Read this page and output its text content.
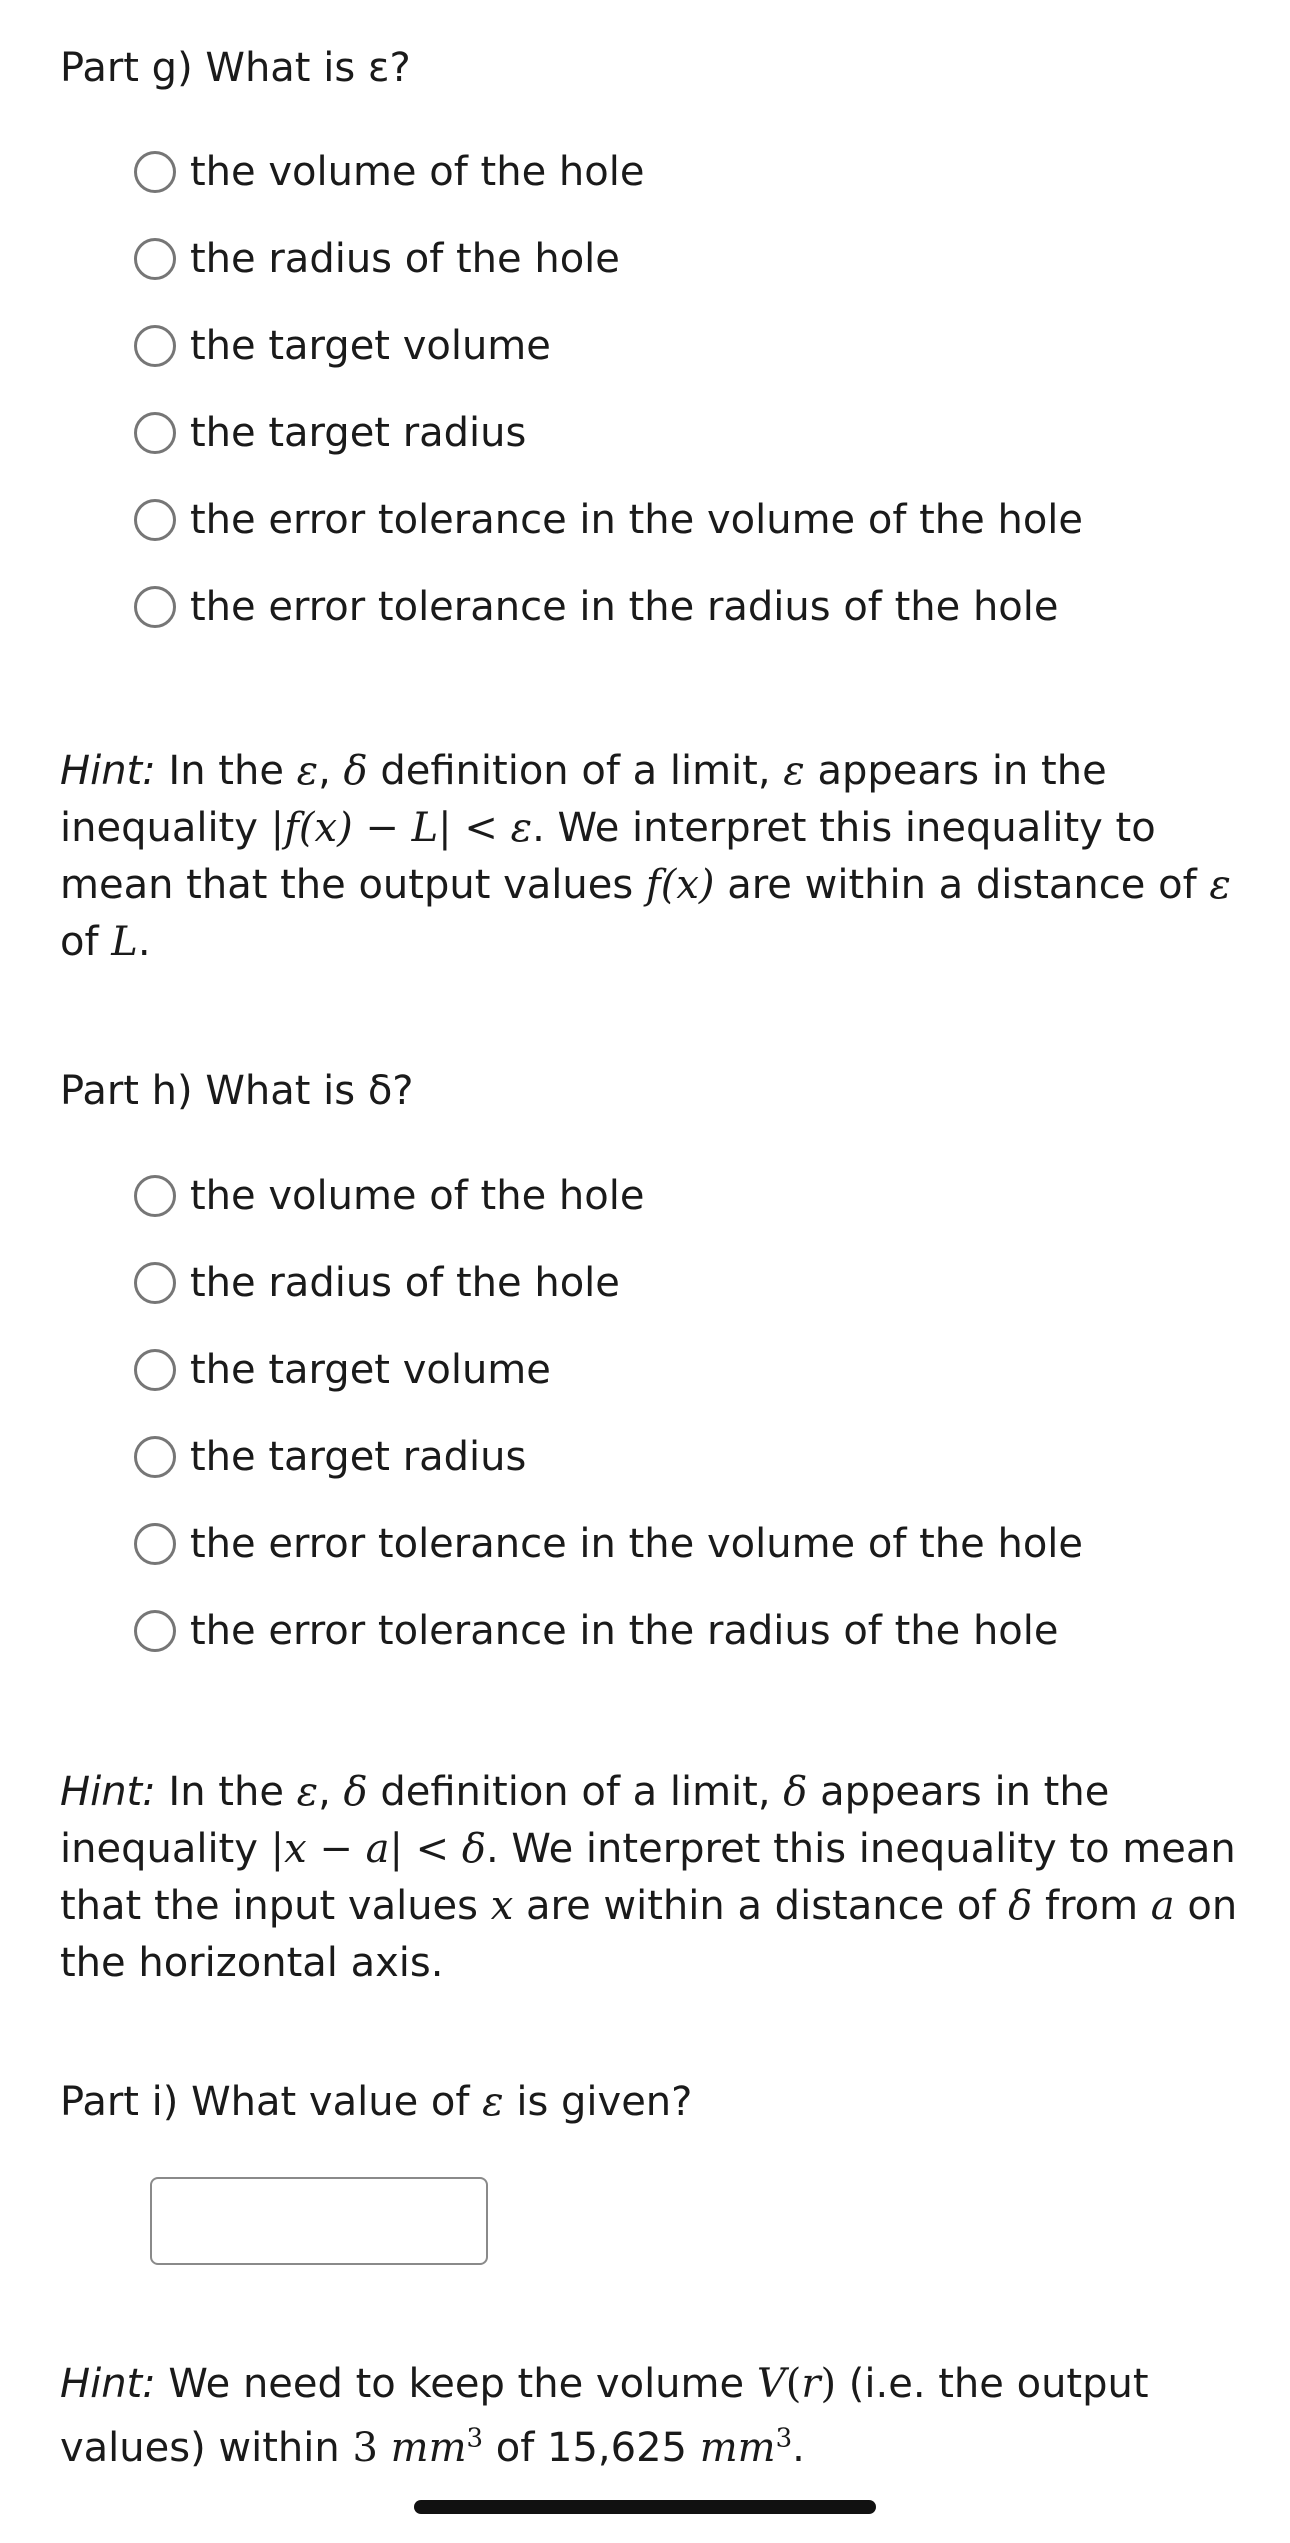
Part g) What is ε?
the volume of the hole
the radius of the hole
the target volume
the target radius
the error tolerance in the volume of the hole
the error tolerance in the radius of the hole
Hint: In the ε, δ definition of a limit, ε appears in the inequality |f(x) − L| < ε. We interpret this inequality to mean that the output values f(x) are within a distance of ε of L.
Part h) What is δ?
the volume of the hole
the radius of the hole
the target volume
the target radius
the error tolerance in the volume of the hole
the error tolerance in the radius of the hole
Hint: In the ε, δ definition of a limit, δ appears in the inequality |x − a| < δ. We interpret this inequality to mean that the input values x are within a distance of δ from a on the horizontal axis.
Part i) What value of ε is given?
Hint: We need to keep the volume V(r) (i.e. the output values) within 3 $mm^3$ of 15,625 $mm^3$.
